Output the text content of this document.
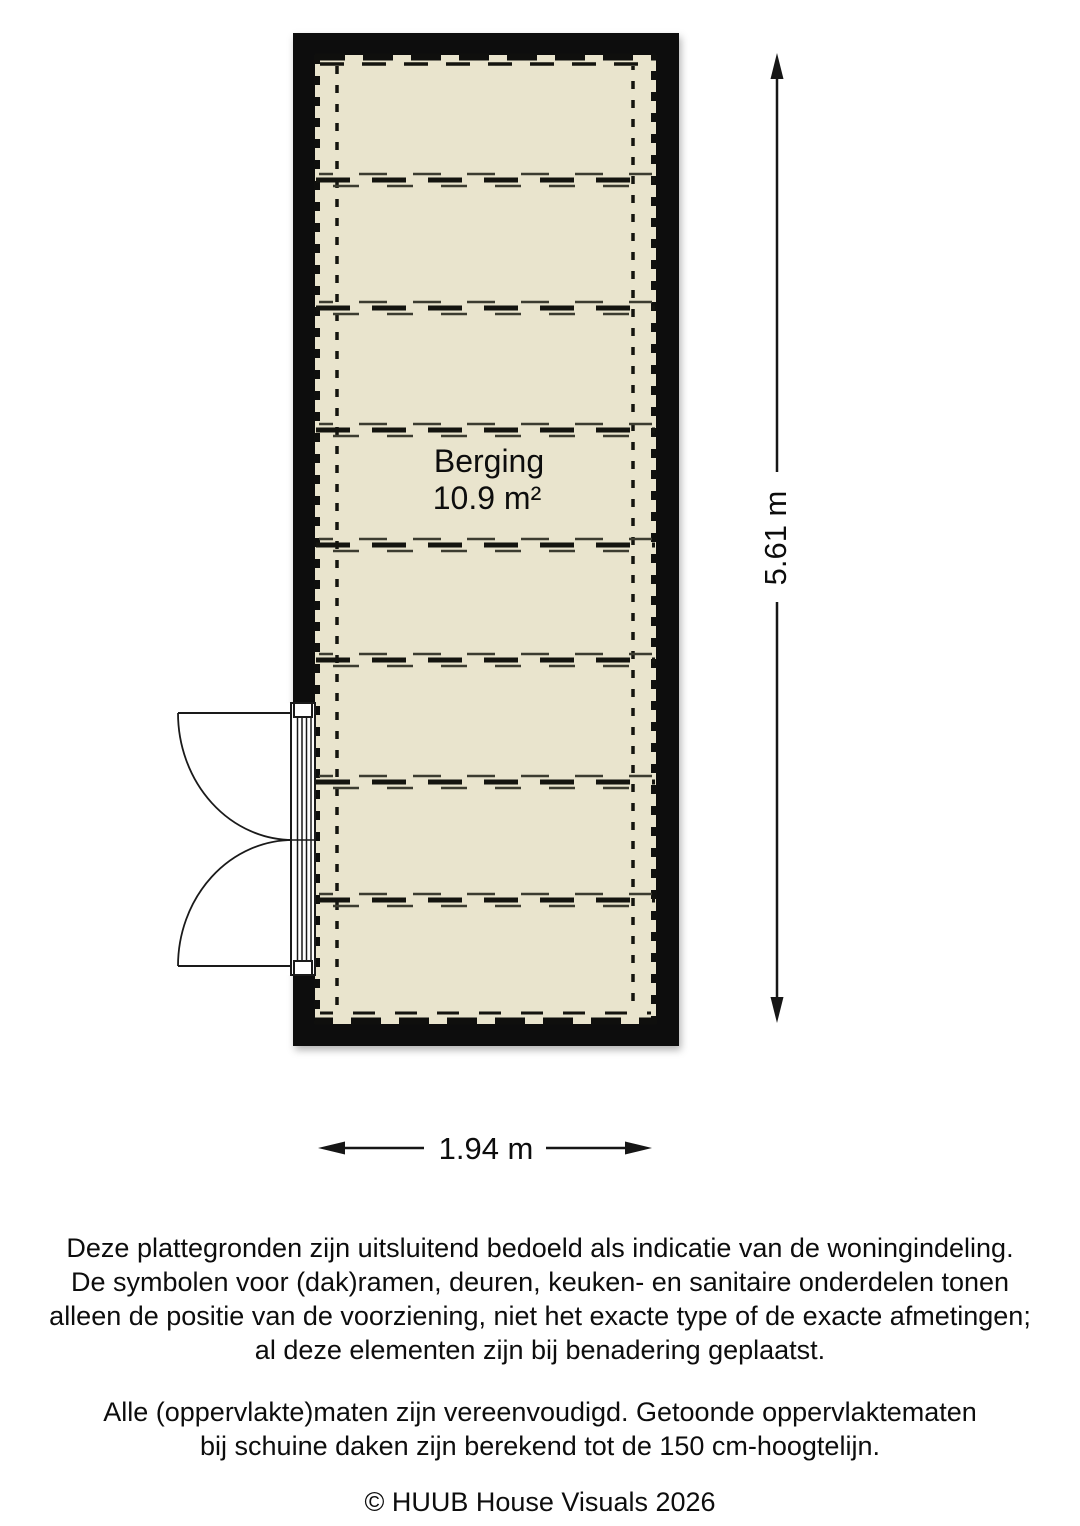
Berging
10.9 m²	5.61 m
1.94 m

Deze plattegronden zijn uitsluitend bedoeld als indicatie van de woningindeling.

De symbolen voor (dak)ramen, deuren, keuken- en sanitaire onderdelen tonen

alleen de positie van de voorziening, niet het exacte type of de exacte afmetingen;

al deze elementen zijn bij benadering geplaatst.

Alle (oppervlakte)maten zijn vereenvoudigd. Getoonde oppervlaktematen

bij schuine daken zijn berekend tot de 150 cm-hoogtelijn.

© HUUB House Visuals 2026
